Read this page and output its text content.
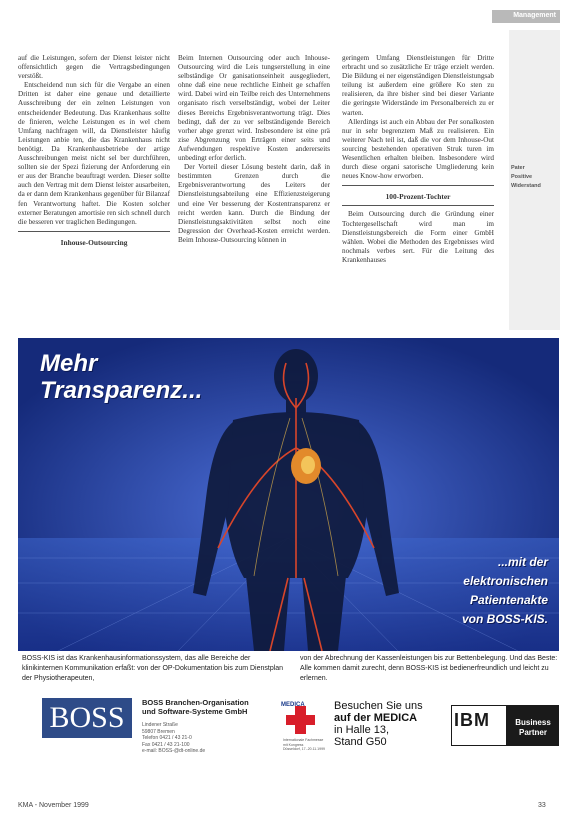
Management
Pater
Positive
Widerstand

auf die Leistungen, sofern der Dienst leister nicht offensichtlich gegen die Vertragsbedingungen verstößt.

Entscheidend nun sich für die Vergabe an einen Dritten ist daher eine genaue und detaillierte Ausschreibung der ein zelnen Leistungen von entscheidender Bedeutung. Das Krankenhaus sollte de finieren, welche Leistungen es in wel chem Umfang nachfragen will, da Dienstleister häufig Leistungen anbie ten, die das Krankenhaus nicht benötigt. Da Krankenhausbetriebe der artige Ausschreibungen meist nicht sel ber durchführen, sollten sie der Spezi fizierung der Anforderung ein er aus der Branche beauftragt werden. Dieser sollte auch den Vertrag mit dem Dienst leister ausarbeiten, da er dann dem Krankenhaus gegenüber für Bilanzaf fen Verantwortung haftet. Die Kosten solcher externer Beratungen amortisie ren sich schnell durch die besseren ver traglichen Bedingungen.

Inhouse-Outsourcing

Beim Internen Outsourcing oder auch Inhouse-Outsourcing wird die Leis tungserstellung in eine selbständige Or ganisationseinheit ausgegliedert, ohne daß eine neue rechtliche Einheit ge schaffen wird. Dabei wird ein Teilbe reich des Unternehmens organisato risch verselbständigt, wobei der Leiter dieses Bereichs Ergebnisverantwortung trägt. Dies bedingt, daß der zu ver selbständigende Bereich vorher abge grenzt wird. Insbesondere ist eine prä zise Abgrenzung von Erträgen einer seits und Aufwendungen respektive Kosten andererseits unbedingt erfor derlich.

Der Vorteil dieser Lösung besteht darin, daß in bestimmten Grenzen durch die Ergebnisverantwortung des Leiters der Dienstleistungsabteilung eine Effizienzsteigerung und eine Ver besserung der Kostentransparenz er reicht werden kann. Durch die Bindung der Dienstleistungsaktivitäten selbst noch eine Degression der Overhead-Kosten erreicht werden. Beim Inhouse-Outsourcing können in

geringem Umfang Dienstleistungen für Dritte erbracht und so zusätzliche Er träge erzielt werden. Die Bildung ei ner eigenständigen Dienstleistungsab teilung ist außerdem eine größere Ko sten zu realisieren, da ihre bisher sind bei dieser Variante die geringste Widerstände im Personalbereich zu er warten.

Allerdings ist auch ein Abbau der Per sonalkosten nur in sehr begrenztem Maß zu realisieren. Ein weiterer Nach teil ist, daß die vor dem Inhouse-Out sourcing bestehenden operativen Struk turen im Wesentlichen erhalten bleiben. Insbesondere wird durch diese organi satorische Umgliederung kein neues Know-how erworben.

100-Prozent-Tochter

Beim Outsourcing durch die Gründung einer Tochtergesellschaft wird man im Dienstleistungsbereich die Form einer GmbH wählen. Wobei die Methoden des Ergebnisses wird nochmals verbes sert. Für die Leitung des Krankenhauses

Mehr
Transparenz...
...mit der
elektronischen
Patientenakte
von BOSS-KIS.
BOSS-KIS ist das Krankenhausinformationssystem, das alle Bereiche der klinikinternen Kommunikation erfaßt: von der OP-Dokumentation bis zum Dienstplan der Physiotherapeuten,
von der Abrechnung der Kassenleistungen bis zur Bettenbelegung. Und das Beste: Alle kommen damit zurecht, denn BOSS-KIS ist bedienerfreundlich und leicht zu erlernen.
BOSS	BOSS Branchen-Organisation
und Software-Systeme GmbH
Lindener Straße
59807 Bremen
Telefon 0421 / 43 21-0
Fax 0421 / 43 21-100
e-mail: BOSS-@dt-online.de
MEDICA
Internationale Fachmesse
mit Kongress
Düsseldorf, 17.-20.11.1999
Besuchen Sie uns
auf der MEDICA
in Halle 13,
Stand G50
IBM	Business
Partner
KMA - November 1999	33
